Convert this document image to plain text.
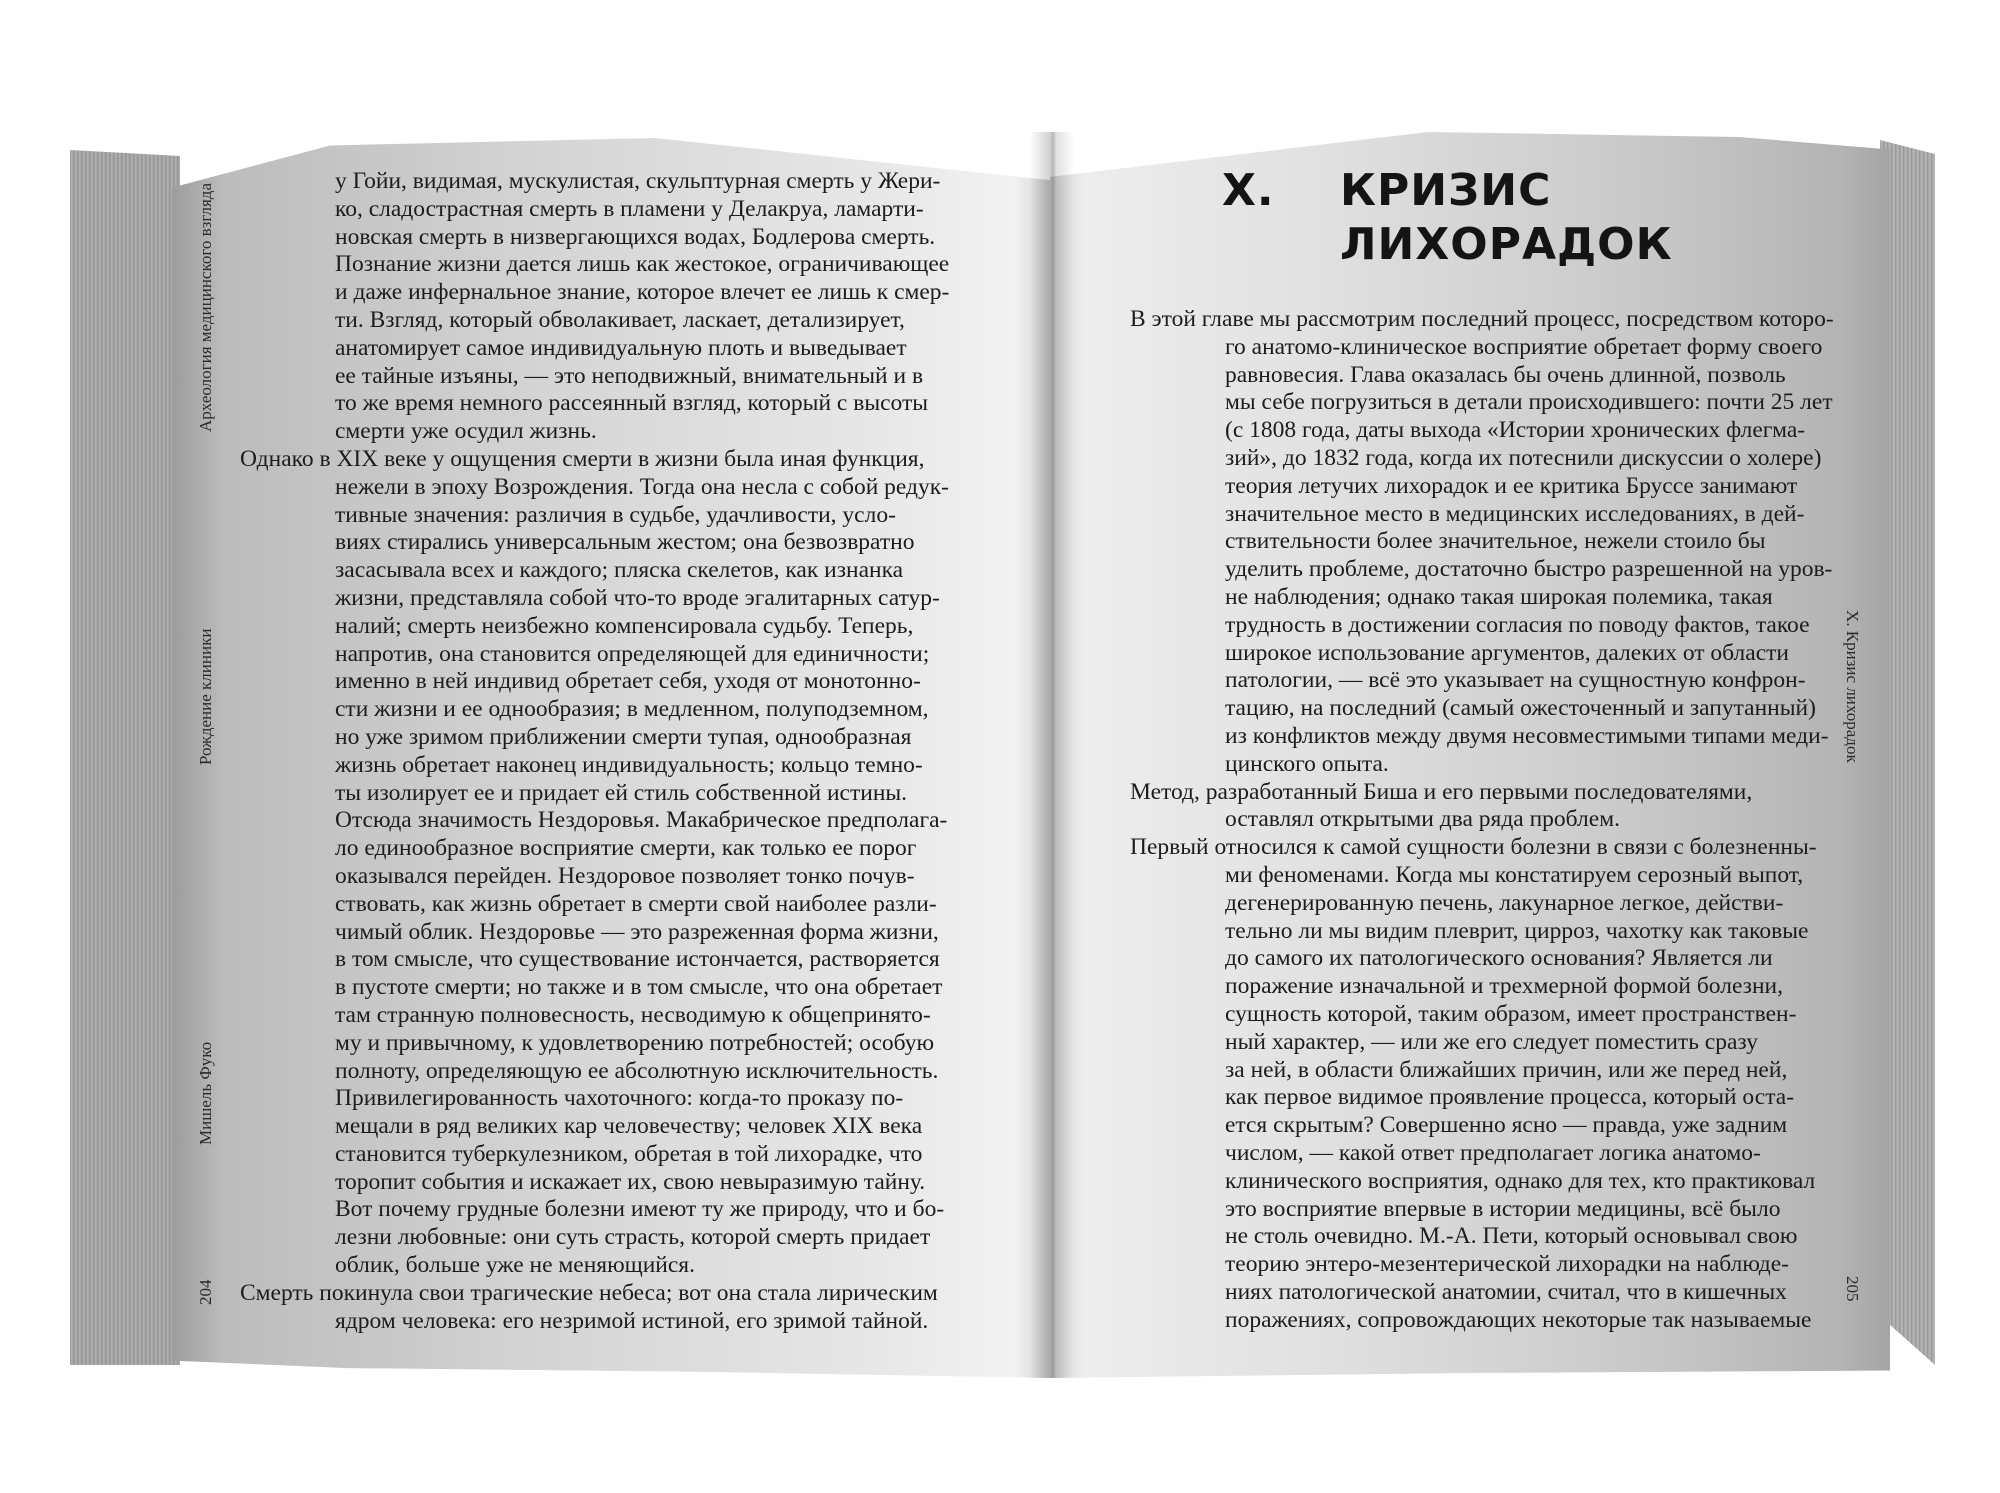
204
Мишель Фуко
Рождение клиники
Археология медицинского взгляда
у Гойи, видимая, мускулистая, скульптурная смерть у Жери-
ко, сладострастная смерть в пламени у Делакруа, ламарти-
новская смерть в низвергающихся водах, Бодлерова смерть.
Познание жизни дается лишь как жестокое, ограничивающее
и даже инфернальное знание, которое влечет ее лишь к смер-
ти. Взгляд, который обволакивает, ласкает, детализирует,
анатомирует самое индивидуальную плоть и выведывает
ее тайные изъяны, — это неподвижный, внимательный и в
то же время немного рассеянный взгляд, который с высоты
смерти уже осудил жизнь.
Однако в XIX веке у ощущения смерти в жизни была иная функция,
нежели в эпоху Возрождения. Тогда она несла с собой редук-
тивные значения: различия в судьбе, удачливости, усло-
виях стирались универсальным жестом; она безвозвратно
засасывала всех и каждого; пляска скелетов, как изнанка
жизни, представляла собой что-то вроде эгалитарных сатур-
налий; смерть неизбежно компенсировала судьбу. Теперь,
напротив, она становится определяющей для единичности;
именно в ней индивид обретает себя, уходя от монотонно-
сти жизни и ее однообразия; в медленном, полуподземном,
но уже зримом приближении смерти тупая, однообразная
жизнь обретает наконец индивидуальность; кольцо темно-
ты изолирует ее и придает ей стиль собственной истины.
Отсюда значимость Нездоровья. Макабрическое предполага-
ло единообразное восприятие смерти, как только ее порог
оказывался перейден. Нездоровое позволяет тонко почув-
ствовать, как жизнь обретает в смерти свой наиболее разли-
чимый облик. Нездоровье — это разреженная форма жизни,
в том смысле, что существование истончается, растворяется
в пустоте смерти; но также и в том смысле, что она обретает
там странную полновесность, несводимую к общепринято-
му и привычному, к удовлетворению потребностей; особую
полноту, определяющую ее абсолютную исключительность.
Привилегированность чахоточного: когда-то проказу по-
мещали в ряд великих кар человечеству; человек XIX века
становится туберкулезником, обретая в той лихорадке, что
торопит события и искажает их, свою невыразимую тайну.
Вот почему грудные болезни имеют ту же природу, что и бо-
лезни любовные: они суть страсть, которой смерть придает
облик, больше уже не меняющийся.
Смерть покинула свои трагические небеса; вот она стала лирическим
ядром человека: его незримой истиной, его зримой тайной.
X. КРИЗИС
ЛИХОРАДОК
X. Кризис лихорадок
205
В этой главе мы рассмотрим последний процесс, посредством которо-
го анатомо-клиническое восприятие обретает форму своего
равновесия. Глава оказалась бы очень длинной, позволь
мы себе погрузиться в детали происходившего: почти 25 лет
(с 1808 года, даты выхода «Истории хронических флегма-
зий», до 1832 года, когда их потеснили дискуссии о холере)
теория летучих лихорадок и ее критика Бруссе занимают
значительное место в медицинских исследованиях, в дей-
ствительности более значительное, нежели стоило бы
уделить проблеме, достаточно быстро разрешенной на уров-
не наблюдения; однако такая широкая полемика, такая
трудность в достижении согласия по поводу фактов, такое
широкое использование аргументов, далеких от области
патологии, — всё это указывает на сущностную конфрон-
тацию, на последний (самый ожесточенный и запутанный)
из конфликтов между двумя несовместимыми типами меди-
цинского опыта.
Метод, разработанный Биша и его первыми последователями,
оставлял открытыми два ряда проблем.
Первый относился к самой сущности болезни в связи с болезненны-
ми феноменами. Когда мы констатируем серозный выпот,
дегенерированную печень, лакунарное легкое, действи-
тельно ли мы видим плеврит, цирроз, чахотку как таковые
до самого их патологического основания? Является ли
поражение изначальной и трехмерной формой болезни,
сущность которой, таким образом, имеет пространствен-
ный характер, — или же его следует поместить сразу
за ней, в области ближайших причин, или же перед ней,
как первое видимое проявление процесса, который оста-
ется скрытым? Совершенно ясно — правда, уже задним
числом, — какой ответ предполагает логика анатомо-
клинического восприятия, однако для тех, кто практиковал
это восприятие впервые в истории медицины, всё было
не столь очевидно. М.-А. Пети, который основывал свою
теорию энтеро-мезентерической лихорадки на наблюде-
ниях патологической анатомии, считал, что в кишечных
поражениях, сопровождающих некоторые так называемые
